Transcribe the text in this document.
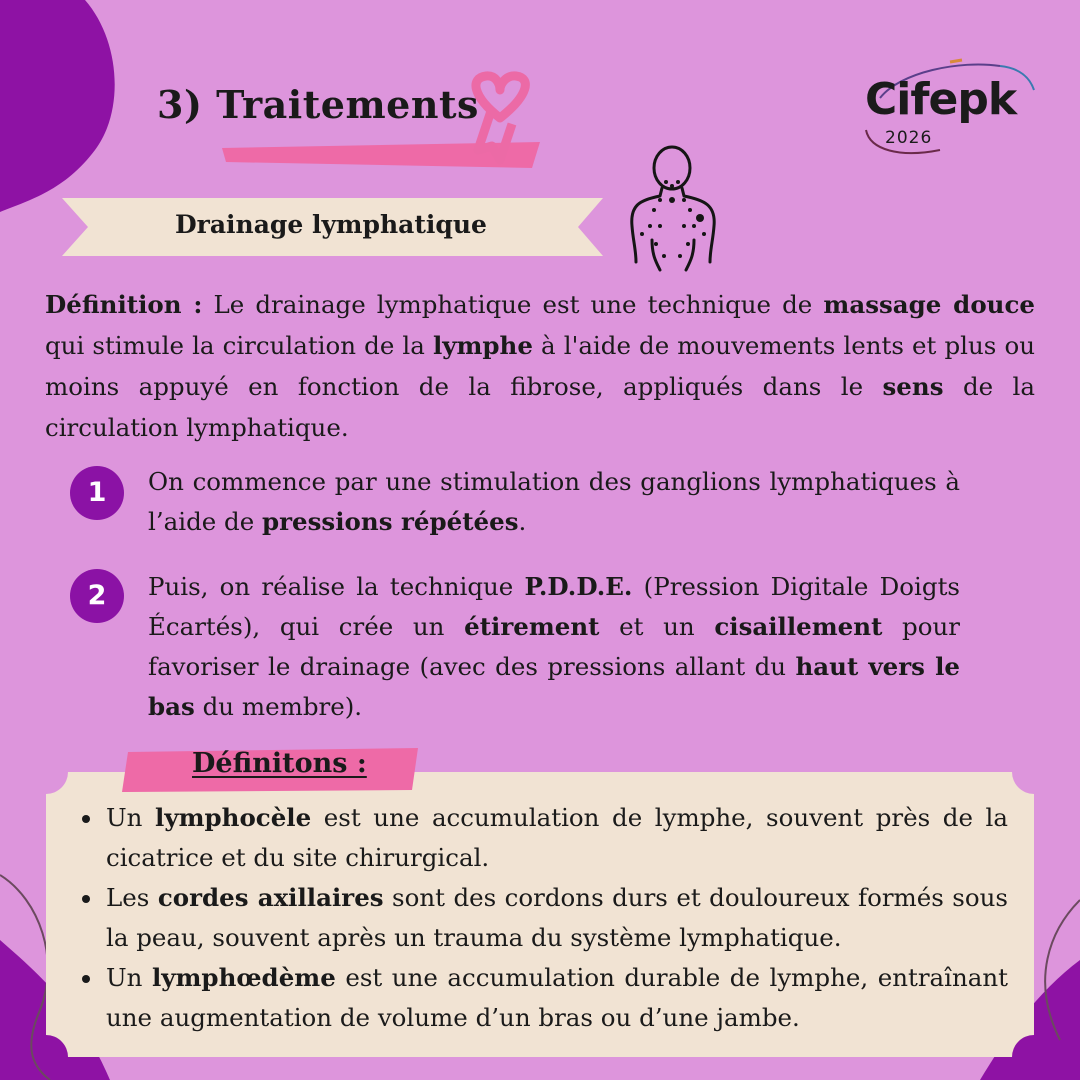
3) Traitements	Cifepk
2026
Drainage lymphatique

Définition : Le drainage lymphatique est une technique de massage douce qui stimule la circulation de la lymphe à l'aide de mouvements lents et plus ou moins appuyé en fonction de la fibrose, appliqués dans le sens de la circulation lymphatique.

1	On commence par une stimulation des ganglions lymphatiques à l’aide de pressions répétées.

2	Puis, on réalise la technique P.D.D.E. (Pression Digitale Doigts Écartés), qui crée un étirement et un cisaillement pour favoriser le drainage (avec des pressions allant du haut vers le bas du membre).

Définitons :
Un lymphocèle est une accumulation de lymphe, souvent près de la cicatrice et du site chirurgical.
Les cordes axillaires sont des cordons durs et douloureux formés sous la peau, souvent après un trauma du système lymphatique.
Un lymphœdème est une accumulation durable de lymphe, entraînant une augmentation de volume d’un bras ou d’une jambe.
